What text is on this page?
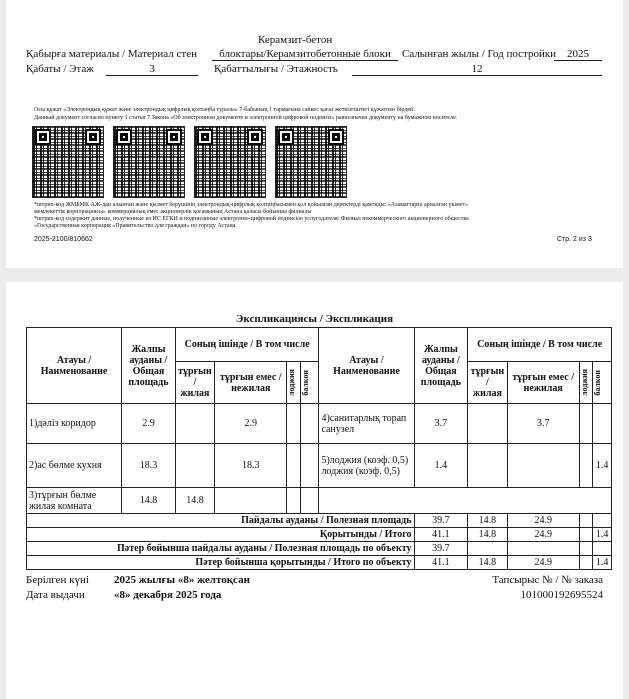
Керамзит-бетон
Қабырға материалы / Материал стен	блоктары/Керамзитобетонные блоки	Салынған жылы / Год постройки 2025
Қабаты / Этаж	3	Қабаттылығы / Этажность	12
Осы құжат «Электрондық құжат және электрондық цифрлық қолтаңба туралы» 7-бабының 1 тармағына сәйкес қағаз жеткізгіштегі құжатпен бірдей.
Данный документ согласно пункту 1 статьи 7 Закона «Об электронном документе и электронной цифровой подписи» равнозначен документу на бумажном носителе.
*штрих-код ЖМБМК АЖ-дан алынған және қызмет берушінің электрондық-цифрлық қолтаңбасымен қол қойылған деректерді қамтиды: «Азаматтарға арналған үкімет»
мемлекеттік корпорациясы» коммерциялық емес акционерлік қоғамының Астана қаласы бойынша филиалы
*штрих-код содержит данные, полученные из ИС ЕГКН и подписанные электронно-цифровой подписью услугодателя: Филиал некоммерческого акционерного общества
«Государственная корпорация «Правительство для граждан» по городу Астана
2025-2100/810662	Стр. 2 из 3
Экспликациясы / Экспликация
Атауы / Наименование	Жалпы ауданы / Общая площадь	Соның ішінде / В том числе				Атауы / Наименование	Жалпы ауданы / Общая площадь	Соның ішінде / В том числе			
		тұрғын / жилая	тұрғын емес / нежилая	лоджия	балкон			тұрғын / жилая	тұрғын емес / нежилая	лоджия	балкон

1)дәліз коридор	2.9		2.9			4)санитарлық торап санузел	3.7		3.7		
2)ас бөлме кухня	18.3		18.3			5)лоджия (коэф. 0,5) лоджия (коэф. 0,5)	1.4				1.4
3)тұрғын бөлме жилая комната	14.8	14.8									
Пайдалы ауданы / Полезная площадь							39.7	14.8	24.9		
Қорытынды / Итого							41.1	14.8	24.9		1.4
Пәтер бойынша пайдалы ауданы / Полезная площадь по объекту							39.7				
Пәтер бойынша қорытынды / Итого по объекту							41.1	14.8	24.9		1.4
Берілген күні 2025 жылғы «8» желтоқсан
Дата выдачи	«8» декабря 2025 года
Тапсырыс № / № заказа
101000192695524
